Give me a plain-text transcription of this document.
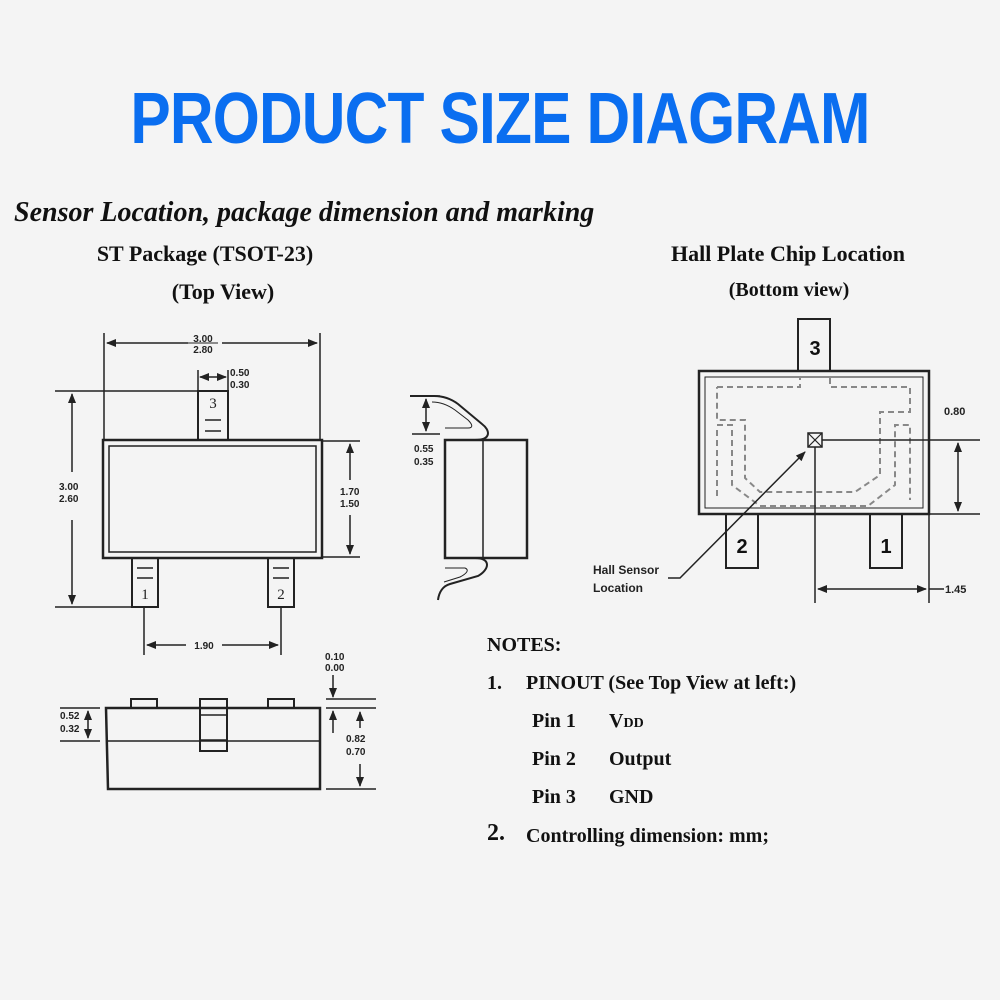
PRODUCT SIZE DIAGRAM
Sensor Location, package dimension and marking
ST Package (TSOT-23)
(Top View)
Hall Plate Chip Location
(Bottom view)
3
1	2
3.00
2.80
0.50
0.30
3.00
2.60
1.70
1.50
1.90
0.55
0.35
0.52
0.32
0.10
0.00
0.82
0.70
3
2	1
Hall Sensor
Location
0.80
1.45
NOTES:
1. PINOUT (See Top View at left:)
Pin 1 VDD
Pin 2 Output
Pin 3 GND
2. Controlling dimension: mm;
